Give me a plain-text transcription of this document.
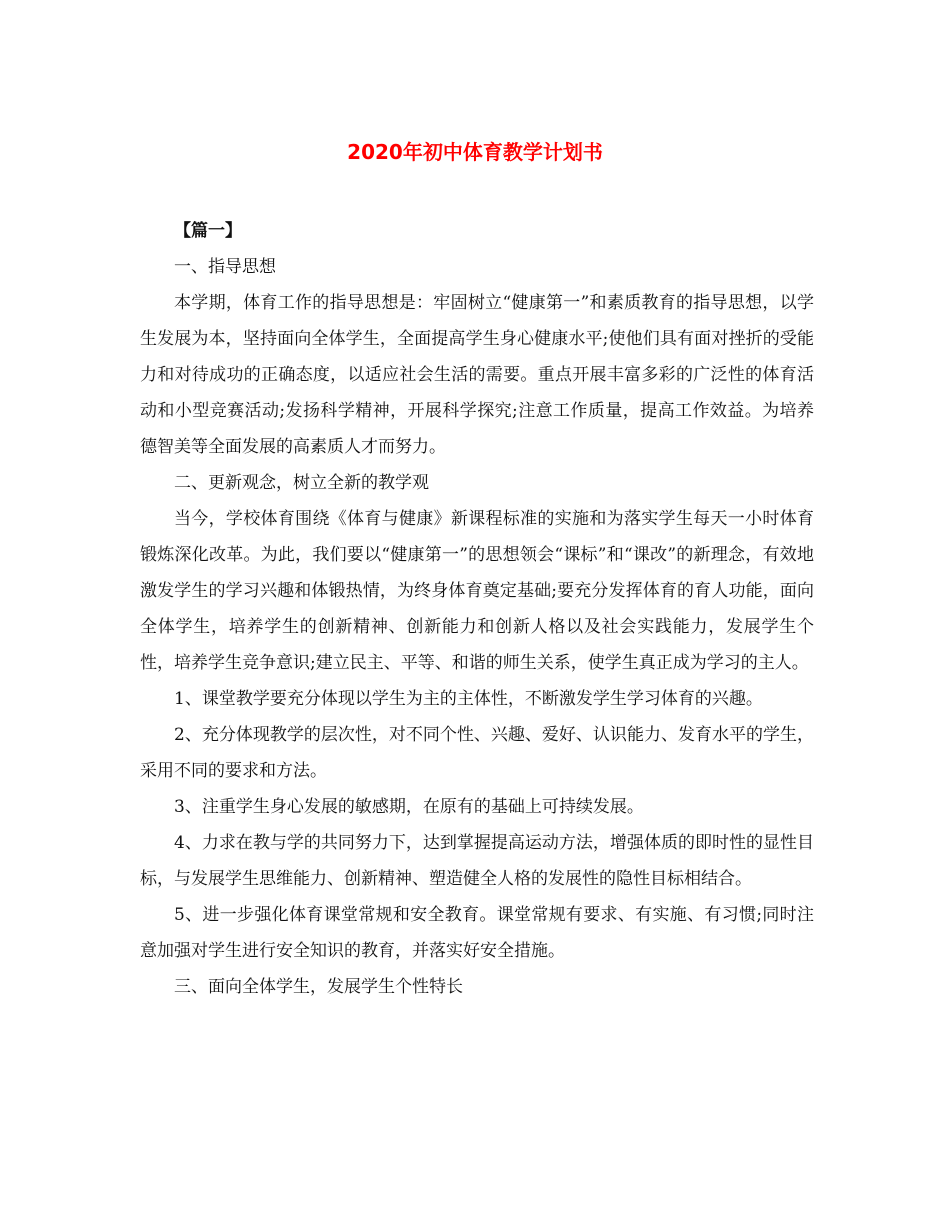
2020年初中体育教学计划书

【篇一】

一、指导思想

本学期，体育工作的指导思想是：牢固树立“健康第一”和素质教育的指导思想，以学生发展为本，坚持面向全体学生，全面提高学生身心健康水平;使他们具有面对挫折的受能力和对待成功的正确态度，以适应社会生活的需要。重点开展丰富多彩的广泛性的体育活动和小型竞赛活动;发扬科学精神，开展科学探究;注意工作质量，提高工作效益。为培养德智美等全面发展的高素质人才而努力。

二、更新观念，树立全新的教学观

当今，学校体育围绕《体育与健康》新课程标准的实施和为落实学生每天一小时体育锻炼深化改革。为此，我们要以“健康第一”的思想领会“课标”和“课改”的新理念，有效地激发学生的学习兴趣和体锻热情，为终身体育奠定基础;要充分发挥体育的育人功能，面向全体学生，培养学生的创新精神、创新能力和创新人格以及社会实践能力，发展学生个性，培养学生竞争意识;建立民主、平等、和谐的师生关系，使学生真正成为学习的主人。

1、课堂教学要充分体现以学生为主的主体性，不断激发学生学习体育的兴趣。

2、充分体现教学的层次性，对不同个性、兴趣、爱好、认识能力、发育水平的学生，采用不同的要求和方法。

3、注重学生身心发展的敏感期，在原有的基础上可持续发展。

4、力求在教与学的共同努力下，达到掌握提高运动方法，增强体质的即时性的显性目标，与发展学生思维能力、创新精神、塑造健全人格的发展性的隐性目标相结合。

5、进一步强化体育课堂常规和安全教育。课堂常规有要求、有实施、有习惯;同时注意加强对学生进行安全知识的教育，并落实好安全措施。

三、面向全体学生，发展学生个性特长
